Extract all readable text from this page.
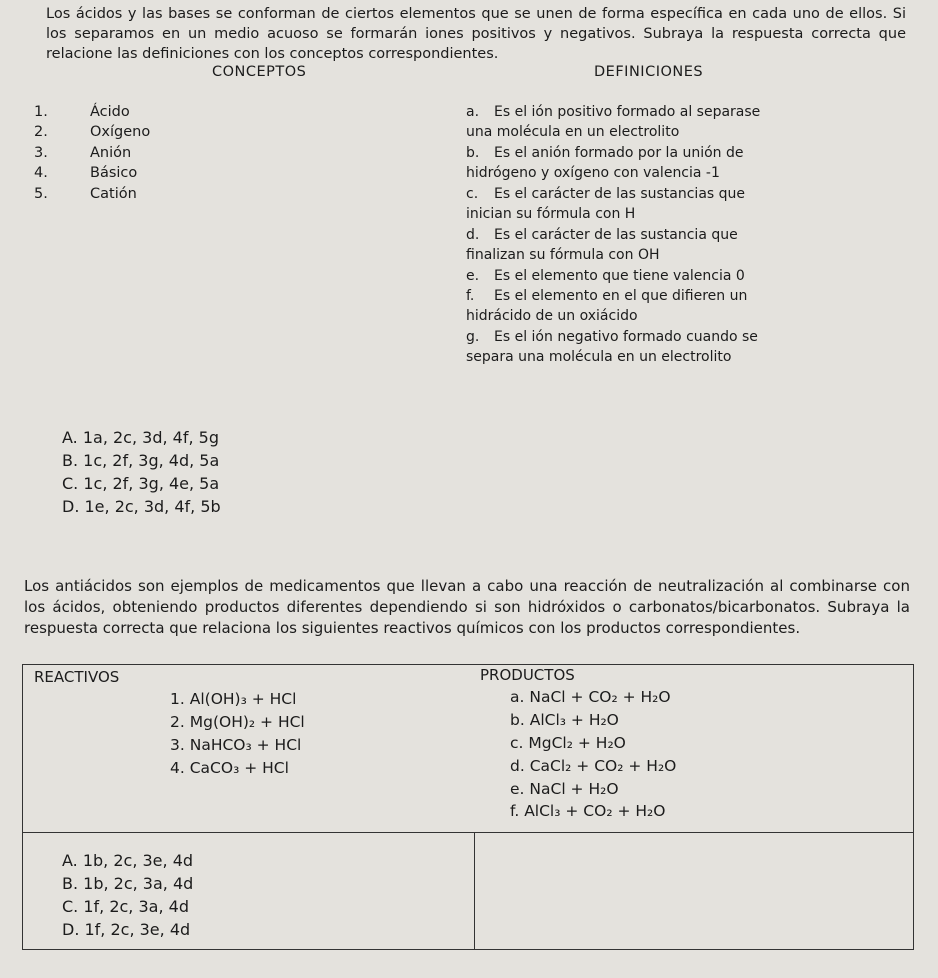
Los ácidos y las bases se conforman de ciertos elementos que se unen de forma específica en cada uno de ellos. Si los separamos en un medio acuoso se formarán iones positivos y negativos. Subraya la respuesta correcta que relacione las definiciones con los conceptos correspondientes.
CONCEPTOS	DEFINICIONES
1.	Ácido
2.	Oxígeno
3.	Anión
4.	Básico
5.	Catión
a. Es el ión positivo formado al separase
una molécula en un electrolito
b. Es el anión formado por la unión de
hidrógeno y oxígeno con valencia -1
c. Es el carácter de las sustancias que
inician su fórmula con H
d. Es el carácter de las sustancia que
finalizan su fórmula con OH
e. Es el elemento que tiene valencia 0
f. Es el elemento en el que difieren un
hidrácido de un oxiácido
g. Es el ión negativo formado cuando se
separa una molécula en un electrolito
A. 1a, 2c, 3d, 4f, 5g
B. 1c, 2f, 3g, 4d, 5a
C. 1c, 2f, 3g, 4e, 5a
D. 1e, 2c, 3d, 4f, 5b
Los antiácidos son ejemplos de medicamentos que llevan a cabo una reacción de neutralización al combinarse con los ácidos, obteniendo productos diferentes dependiendo si son hidróxidos o carbonatos/bicarbonatos. Subraya la respuesta correcta que relaciona los siguientes reactivos químicos con los productos correspondientes.
REACTIVOS	PRODUCTOS
1. Al(OH)₃ + HCl
2. Mg(OH)₂ + HCl
3. NaHCO₃ + HCl
4. CaCO₃ + HCl
a. NaCl + CO₂ + H₂O
b. AlCl₃ + H₂O
c. MgCl₂ + H₂O
d. CaCl₂ + CO₂ + H₂O
e. NaCl + H₂O
f. AlCl₃ + CO₂ + H₂O
A. 1b, 2c, 3e, 4d
B. 1b, 2c, 3a, 4d
C. 1f, 2c, 3a, 4d
D. 1f, 2c, 3e, 4d
